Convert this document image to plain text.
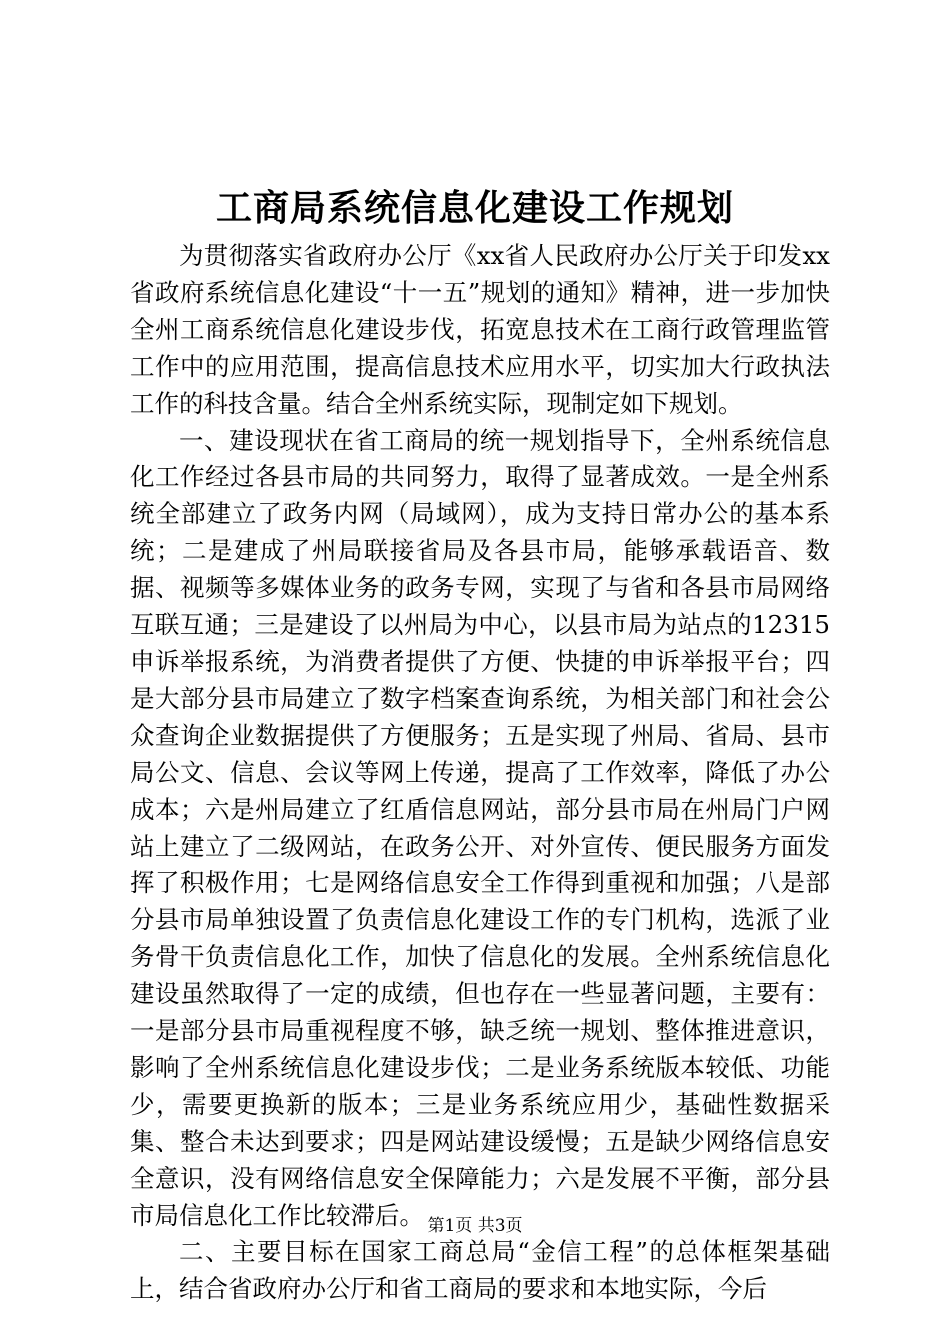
工商局系统信息化建设工作规划

为贯彻落实省政府办公厅《xx省人民政府办公厅关于印发xx省政府系统信息化建设“十一五”规划的通知》精神，进一步加快全州工商系统信息化建设步伐，拓宽息技术在工商行政管理监管工作中的应用范围，提高信息技术应用水平，切实加大行政执法工作的科技含量。结合全州系统实际，现制定如下规划。

一、建设现状在省工商局的统一规划指导下，全州系统信息化工作经过各县市局的共同努力，取得了显著成效。一是全州系统全部建立了政务内网（局域网），成为支持日常办公的基本系统；二是建成了州局联接省局及各县市局，能够承载语音、数据、视频等多媒体业务的政务专网，实现了与省和各县市局网络互联互通；三是建设了以州局为中心，以县市局为站点的12315申诉举报系统，为消费者提供了方便、快捷的申诉举报平台；四是大部分县市局建立了数字档案查询系统，为相关部门和社会公众查询企业数据提供了方便服务；五是实现了州局、省局、县市局公文、信息、会议等网上传递，提高了工作效率，降低了办公成本；六是州局建立了红盾信息网站，部分县市局在州局门户网站上建立了二级网站，在政务公开、对外宣传、便民服务方面发挥了积极作用；七是网络信息安全工作得到重视和加强；八是部分县市局单独设置了负责信息化建设工作的专门机构，选派了业务骨干负责信息化工作，加快了信息化的发展。全州系统信息化建设虽然取得了一定的成绩，但也存在一些显著问题，主要有：一是部分县市局重视程度不够，缺乏统一规划、整体推进意识，影响了全州系统信息化建设步伐；二是业务系统版本较低、功能少，需要更换新的版本；三是业务系统应用少，基础性数据采集、整合未达到要求；四是网站建设缓慢；五是缺少网络信息安全意识，没有网络信息安全保障能力；六是发展不平衡，部分县市局信息化工作比较滞后。

二、主要目标在国家工商总局“金信工程”的总体框架基础上，结合省政府办公厅和省工商局的要求和本地实际，今后

第1页 共3页
